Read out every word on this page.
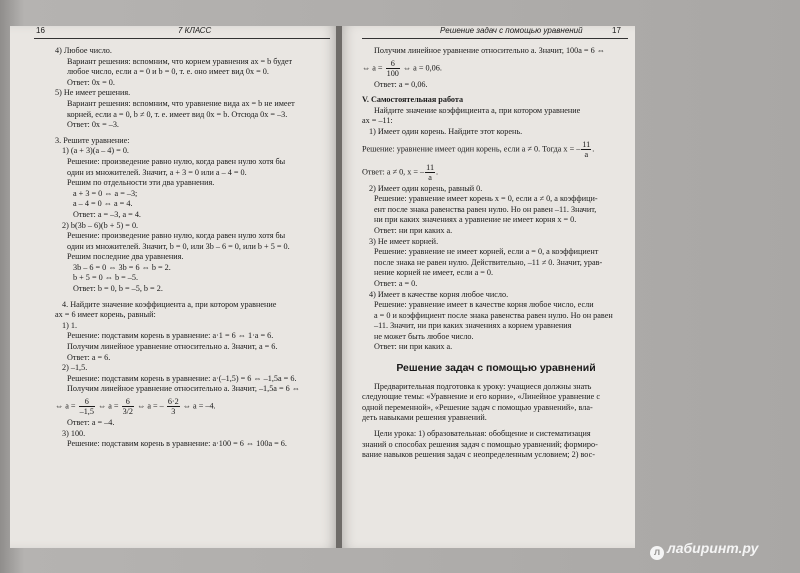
16	7 КЛАСС	Решение задач с помощью уравнений	17
4) Любое число.
Вариант решения: вспомним, что корнем уравнения ax = b будет
любое число, если a = 0 и b = 0, т. е. оно имеет вид 0x = 0.
Ответ: 0x = 0.
5) Не имеет решения.
Вариант решения: вспомним, что уравнение вида ax = b не имеет
корней, если a = 0, b ≠ 0, т. е. имеет вид 0x = b. Отсюда 0x = –3.
Ответ: 0x = –3.
3. Решите уравнение:
1) (a + 3)(a – 4) = 0.
Решение: произведение равно нулю, когда равен нулю хотя бы
один из множителей. Значит, a + 3 = 0 или a – 4 = 0.
Решим по отдельности эти два уравнения.
a + 3 = 0 ⇔ a = –3;
a – 4 = 0 ⇔ a = 4.
Ответ: a = –3, a = 4.
2) b(3b – 6)(b + 5) = 0.
Решение: произведение равно нулю, когда равен нулю хотя бы
один из множителей. Значит, b = 0, или 3b – 6 = 0, или b + 5 = 0.
Решим последние два уравнения.
3b – 6 = 0 ⇔ 3b = 6 ⇔ b = 2.
b + 5 = 0 ⇔ b = –5.
Ответ: b = 0, b = –5, b = 2.
4. Найдите значение коэффициента a, при котором уравнение
ax = 6 имеет корень, равный:
1) 1.
Решение: подставим корень в уравнение: a·1 = 6 ⇔ 1·a = 6.
Получим линейное уравнение относительно a. Значит, a = 6.
Ответ: a = 6.
2) –1,5.
Решение: подставим корень в уравнение: a·(–1,5) = 6 ⇔ –1,5a = 6.
Получим линейное уравнение относительно a. Значит, –1,5a = 6 ⇔
⇔ $a = \frac{6}{-1,5}$ ⇔ $a = \frac{6}{3/2}$ ⇔ a = – $\frac{6\cdot 2}{3}$ ⇔ a = –4.
Ответ: a = –4.
3) 100.
Решение: подставим корень в уравнение: a·100 = 6 ⇔ 100a = 6.
Получим линейное уравнение относительно a. Значит, 100a = 6 ⇔
⇔ $a = \frac{6}{100}$ ⇔ a = 0,06.
Ответ: a = 0,06.
V. Самостоятельная работа
Найдите значение коэффициента a, при котором уравнение
ax = –11:
1) Имеет один корень. Найдите этот корень.
Решение: уравнение имеет один корень, если a ≠ 0. Тогда x = – $\frac{11}{a}$ .
Ответ: a ≠ 0, x = – $\frac{11}{a}$ .
2) Имеет один корень, равный 0.
Решение: уравнение имеет корень x = 0, если a ≠ 0, а коэффици-
ент после знака равенства равен нулю. Но он равен –11. Значит,
ни при каких значениях a уравнение не имеет корня x = 0.
Ответ: ни при каких a.
3) Не имеет корней.
Решение: уравнение не имеет корней, если a = 0, а коэффициент
после знака не равен нулю. Действительно, –11 ≠ 0. Значит, урав-
нение корней не имеет, если a = 0.
Ответ: a = 0.
4) Имеет в качестве корня любое число.
Решение: уравнение имеет в качестве корня любое число, если
a = 0 и коэффициент после знака равенства равен нулю. Но он равен
–11. Значит, ни при каких значениях a корнем уравнения
не может быть любое число.
Ответ: ни при каких a.
Решение задач с помощью уравнений
Предварительная подготовка к уроку: учащиеся должны знать
следующие темы: «Уравнение и его корни», «Линейное уравнение с
одной переменной», «Решение задач с помощью уравнений», вла-
деть навыками решения уравнений.
Цели урока: 1) образовательная: обобщение и систематизация
знаний о способах решения задач с помощью уравнений; формиро-
вание навыков решения задач с неопределенным условием; 2) вос-
л лабиринт.ру
